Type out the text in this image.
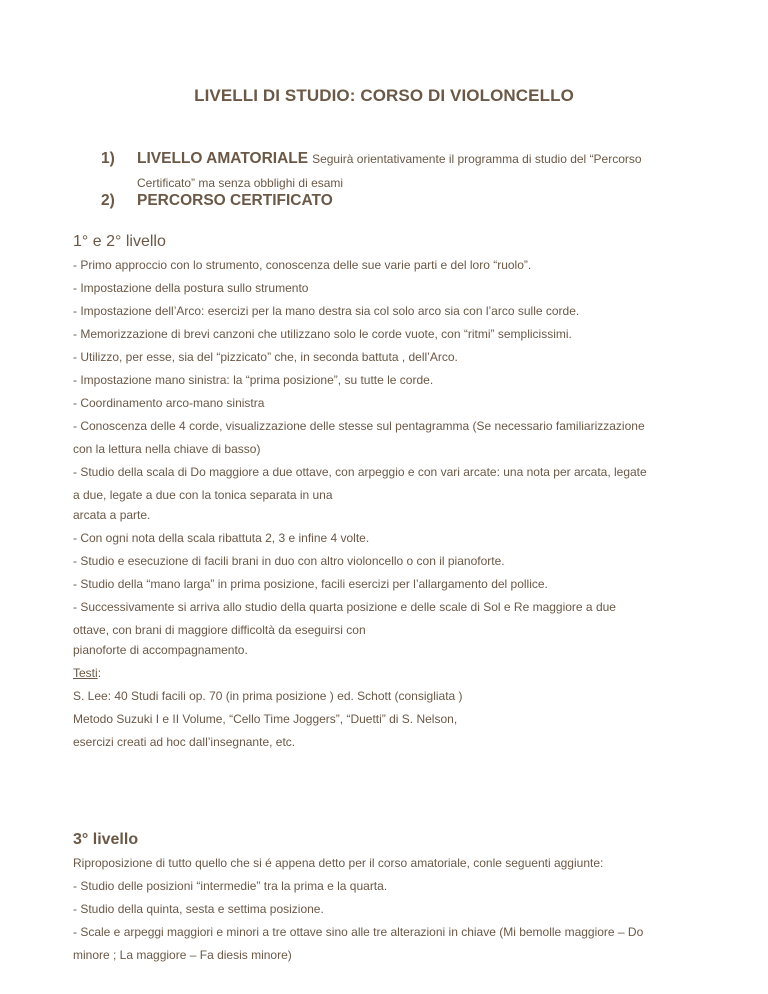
LIVELLI DI STUDIO: CORSO DI VIOLONCELLO
1) LIVELLO AMATORIALE Seguirà orientativamente il programma di studio del “Percorso
Certificato” ma senza obblighi di esami
2) PERCORSO CERTIFICATO
1° e 2° livello
- Primo approccio con lo strumento, conoscenza delle sue varie parti e del loro “ruolo”.
- Impostazione della postura sullo strumento
- Impostazione dell’Arco: esercizi per la mano destra sia col solo arco sia con l’arco sulle corde.
- Memorizzazione di brevi canzoni che utilizzano solo le corde vuote, con “ritmi” semplicissimi.
- Utilizzo, per esse, sia del “pizzicato” che, in seconda battuta , dell’Arco.
- Impostazione mano sinistra: la “prima posizione”, su tutte le corde.
- Coordinamento arco-mano sinistra
- Conoscenza delle 4 corde, visualizzazione delle stesse sul pentagramma (Se necessario familiarizzazione
con la lettura nella chiave di basso)
- Studio della scala di Do maggiore a due ottave, con arpeggio e con vari arcate: una nota per arcata, legate
a due, legate a due con la tonica separata in una
arcata a parte.
- Con ogni nota della scala ribattuta 2, 3 e infine 4 volte.
- Studio e esecuzione di facili brani in duo con altro violoncello o con il pianoforte.
- Studio della “mano larga” in prima posizione, facili esercizi per l’allargamento del pollice.
- Successivamente si arriva allo studio della quarta posizione e delle scale di Sol e Re maggiore a due
ottave, con brani di maggiore difficoltà da eseguirsi con
pianoforte di accompagnamento.
Testi:
S. Lee: 40 Studi facili op. 70 (in prima posizione ) ed. Schott (consigliata )
Metodo Suzuki I e II Volume, “Cello Time Joggers”, “Duetti” di S. Nelson,
esercizi creati ad hoc dall’insegnante, etc.
3° livello
Riproposizione di tutto quello che si é appena detto per il corso amatoriale, conle seguenti aggiunte:
- Studio delle posizioni “intermedie” tra la prima e la quarta.
- Studio della quinta, sesta e settima posizione.
- Scale e arpeggi maggiori e minori a tre ottave sino alle tre alterazioni in chiave (Mi bemolle maggiore – Do
minore ; La maggiore – Fa diesis minore)
